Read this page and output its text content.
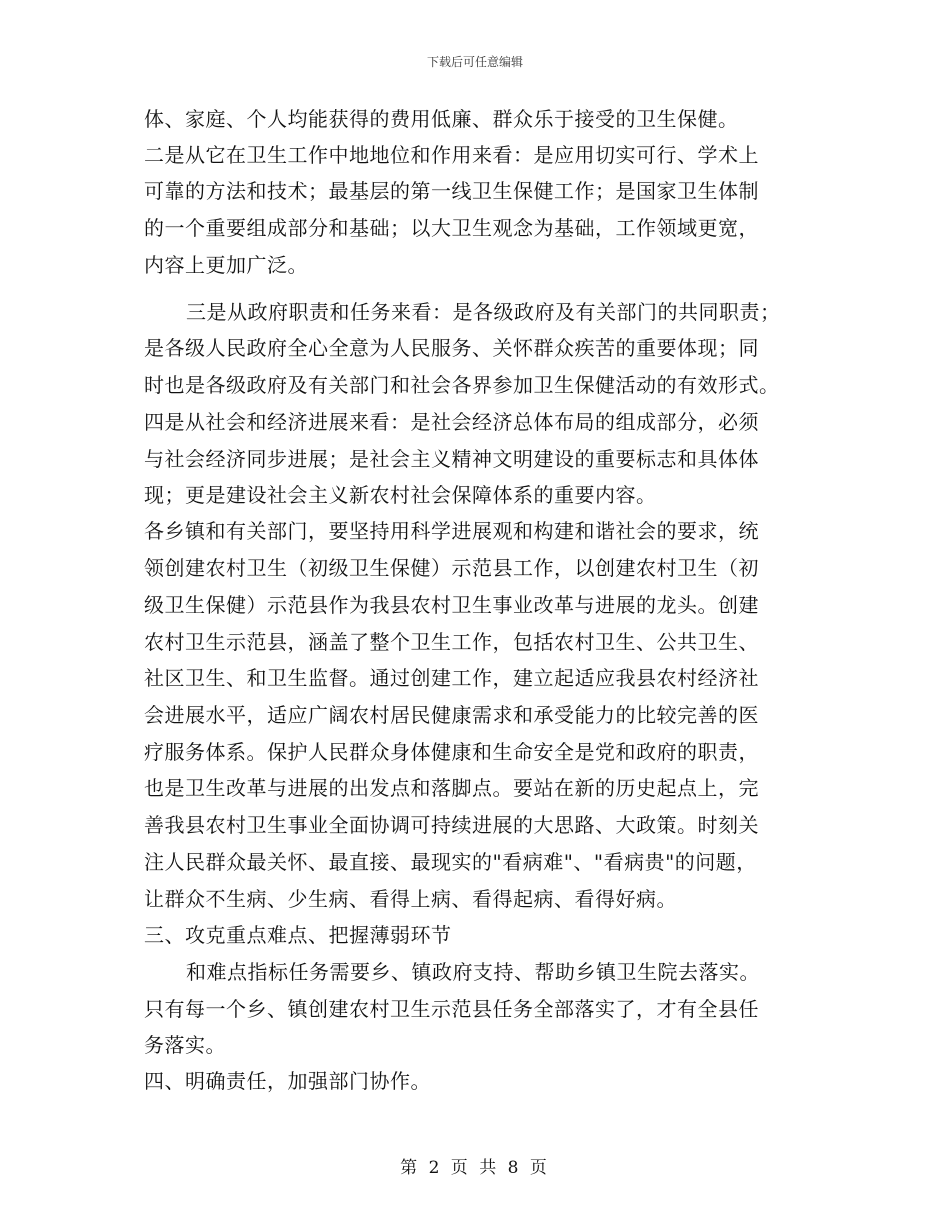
下载后可任意编辑
体、家庭、个人均能获得的费用低廉、群众乐于接受的卫生保健。
二是从它在卫生工作中地地位和作用来看：是应用切实可行、学术上
可靠的方法和技术；最基层的第一线卫生保健工作；是国家卫生体制
的一个重要组成部分和基础；以大卫生观念为基础，工作领域更宽，
内容上更加广泛。
三是从政府职责和任务来看：是各级政府及有关部门的共同职责；
是各级人民政府全心全意为人民服务、关怀群众疾苦的重要体现；同
时也是各级政府及有关部门和社会各界参加卫生保健活动的有效形式。
四是从社会和经济进展来看：是社会经济总体布局的组成部分，必须
与社会经济同步进展；是社会主义精神文明建设的重要标志和具体体
现；更是建设社会主义新农村社会保障体系的重要内容。
各乡镇和有关部门，要坚持用科学进展观和构建和谐社会的要求，统
领创建农村卫生（初级卫生保健）示范县工作，以创建农村卫生（初
级卫生保健）示范县作为我县农村卫生事业改革与进展的龙头。创建
农村卫生示范县，涵盖了整个卫生工作，包括农村卫生、公共卫生、
社区卫生、和卫生监督。通过创建工作，建立起适应我县农村经济社
会进展水平，适应广阔农村居民健康需求和承受能力的比较完善的医
疗服务体系。保护人民群众身体健康和生命安全是党和政府的职责，
也是卫生改革与进展的出发点和落脚点。要站在新的历史起点上，完
善我县农村卫生事业全面协调可持续进展的大思路、大政策。时刻关
注人民群众最关怀、最直接、最现实的"看病难"、"看病贵"的问题，
让群众不生病、少生病、看得上病、看得起病、看得好病。
三、攻克重点难点、把握薄弱环节
和难点指标任务需要乡、镇政府支持、帮助乡镇卫生院去落实。
只有每一个乡、镇创建农村卫生示范县任务全部落实了，才有全县任
务落实。
四、明确责任，加强部门协作。
第 2 页 共 8 页
